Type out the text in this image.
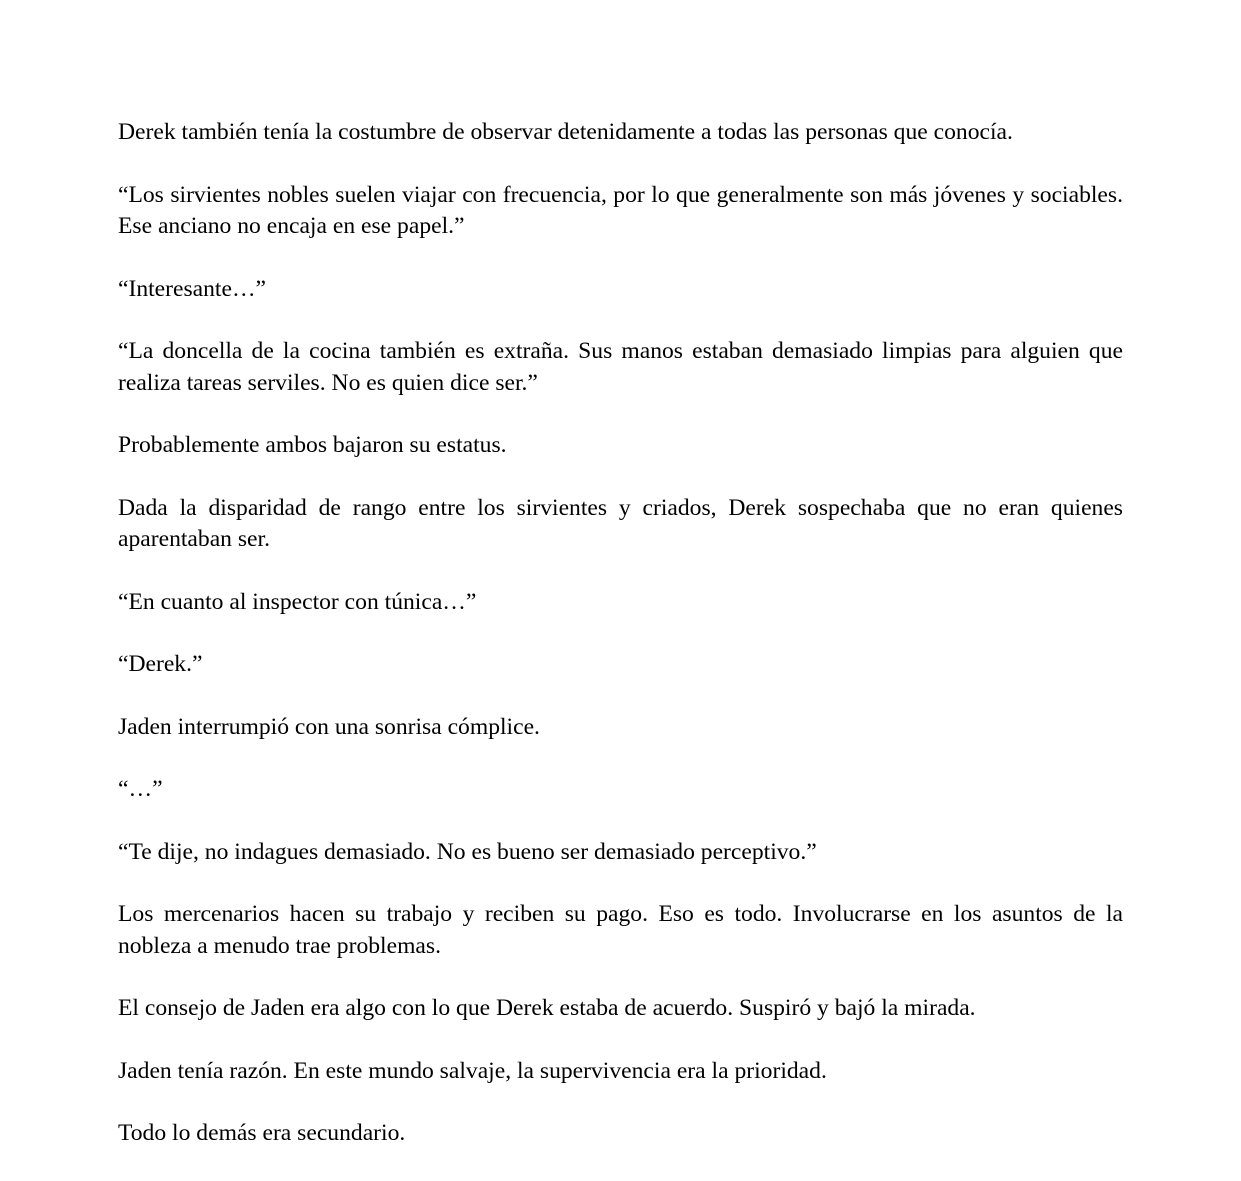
Derek también tenía la costumbre de observar detenidamente a todas las personas que conocía.

“Los sirvientes nobles suelen viajar con frecuencia, por lo que generalmente son más jóvenes y sociables. Ese anciano no encaja en ese papel.”

“Interesante…”

“La doncella de la cocina también es extraña. Sus manos estaban demasiado limpias para alguien que realiza tareas serviles. No es quien dice ser.”

Probablemente ambos bajaron su estatus.

Dada la disparidad de rango entre los sirvientes y criados, Derek sospechaba que no eran quienes aparentaban ser.

“En cuanto al inspector con túnica…”

“Derek.”

Jaden interrumpió con una sonrisa cómplice.

“…”

“Te dije, no indagues demasiado. No es bueno ser demasiado perceptivo.”

Los mercenarios hacen su trabajo y reciben su pago. Eso es todo. Involucrarse en los asuntos de la nobleza a menudo trae problemas.

El consejo de Jaden era algo con lo que Derek estaba de acuerdo. Suspiró y bajó la mirada.

Jaden tenía razón. En este mundo salvaje, la supervivencia era la prioridad.

Todo lo demás era secundario.
